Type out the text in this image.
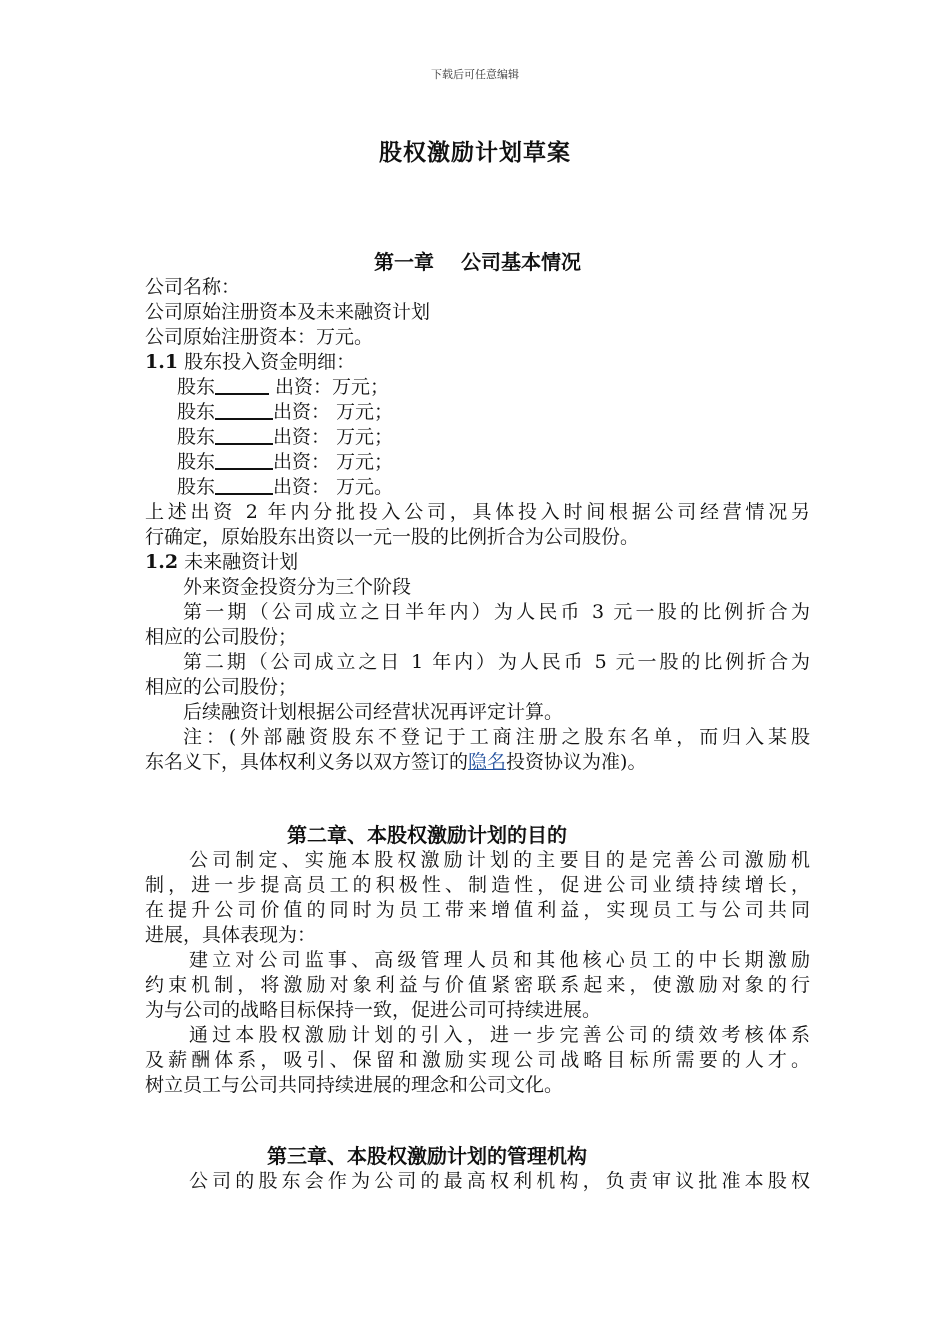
下载后可任意编辑
股权激励计划草案
第一章　 公司基本情况
公司名称：
公司原始注册资本及未来融资计划
公司原始注册资本：万元。
1.1 股东投入资金明细：
股东	出资：万元；
股东	出资： 万元；
股东	出资： 万元；
股东	出资： 万元；
股东	出资： 万元。
上述出资 2 年内分批投入公司，具体投入时间根据公司经营情况另
行确定，原始股东出资以一元一股的比例折合为公司股份。
1.2 未来融资计划
外来资金投资分为三个阶段
第一期（公司成立之日半年内）为人民币 3 元一股的比例折合为
相应的公司股份；
第二期（公司成立之日 1 年内）为人民币 5 元一股的比例折合为
相应的公司股份；
后续融资计划根据公司经营状况再评定计算。
注：(外部融资股东不登记于工商注册之股东名单，而归入某股
东名义下，具体权利义务以双方签订的隐名投资协议为准)。
第二章、本股权激励计划的目的
公司制定、实施本股权激励计划的主要目的是完善公司激励机
制，进一步提高员工的积极性、制造性，促进公司业绩持续增长，
在提升公司价值的同时为员工带来增值利益，实现员工与公司共同
进展，具体表现为：
建立对公司监事、高级管理人员和其他核心员工的中长期激励
约束机制，将激励对象利益与价值紧密联系起来，使激励对象的行
为与公司的战略目标保持一致，促进公司可持续进展。
通过本股权激励计划的引入，进一步完善公司的绩效考核体系
及薪酬体系，吸引、保留和激励实现公司战略目标所需要的人才。
树立员工与公司共同持续进展的理念和公司文化。
第三章、本股权激励计划的管理机构
公司的股东会作为公司的最高权利机构，负责审议批准本股权
